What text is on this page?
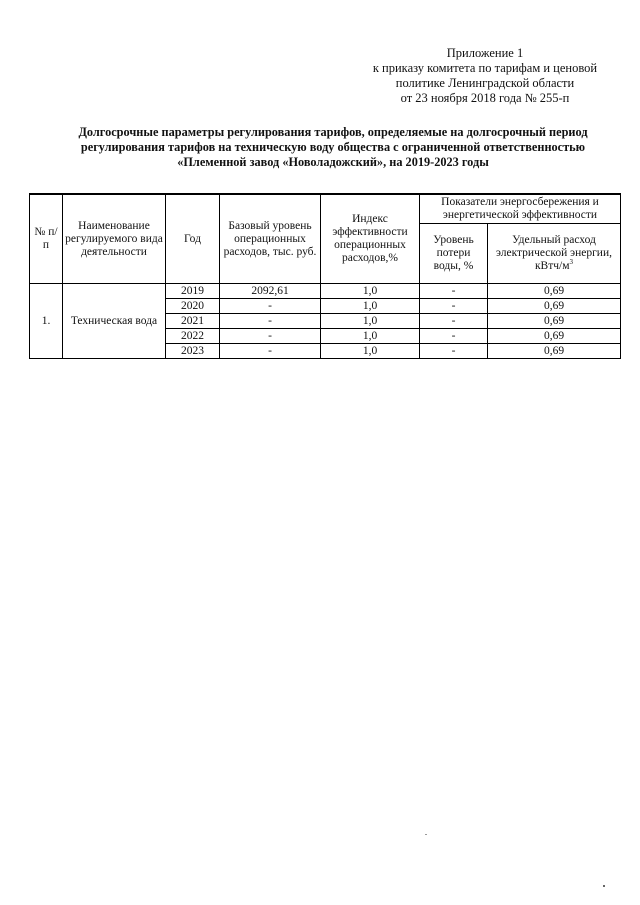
Приложение 1
к приказу комитета по тарифам и ценовой
политике Ленинградской области
от 23 ноября 2018 года № 255-п
Долгосрочные параметры регулирования тарифов, определяемые на долгосрочный период
регулирования тарифов на техническую воду общества с ограниченной ответственностью
«Племенной завод «Новоладожский», на 2019-2023 годы
№ п/п	Наименование регулируемого вида деятельности	Год	Базовый уровень операционных расходов, тыс. руб.	Индекс эффективности операционных расходов,%	Показатели энергосбережения и энергетической эффективности	
					Уровень потери воды, %	Удельный расход электрической энергии, кВтч/$м^3$
1.	Техническая вода	2019	2092,61	1,0	-	0,69
		2020	-	1,0	-	0,69
		2021	-	1,0	-	0,69
		2022	-	1,0	-	0,69
		2023	-	1,0	-	0,69
